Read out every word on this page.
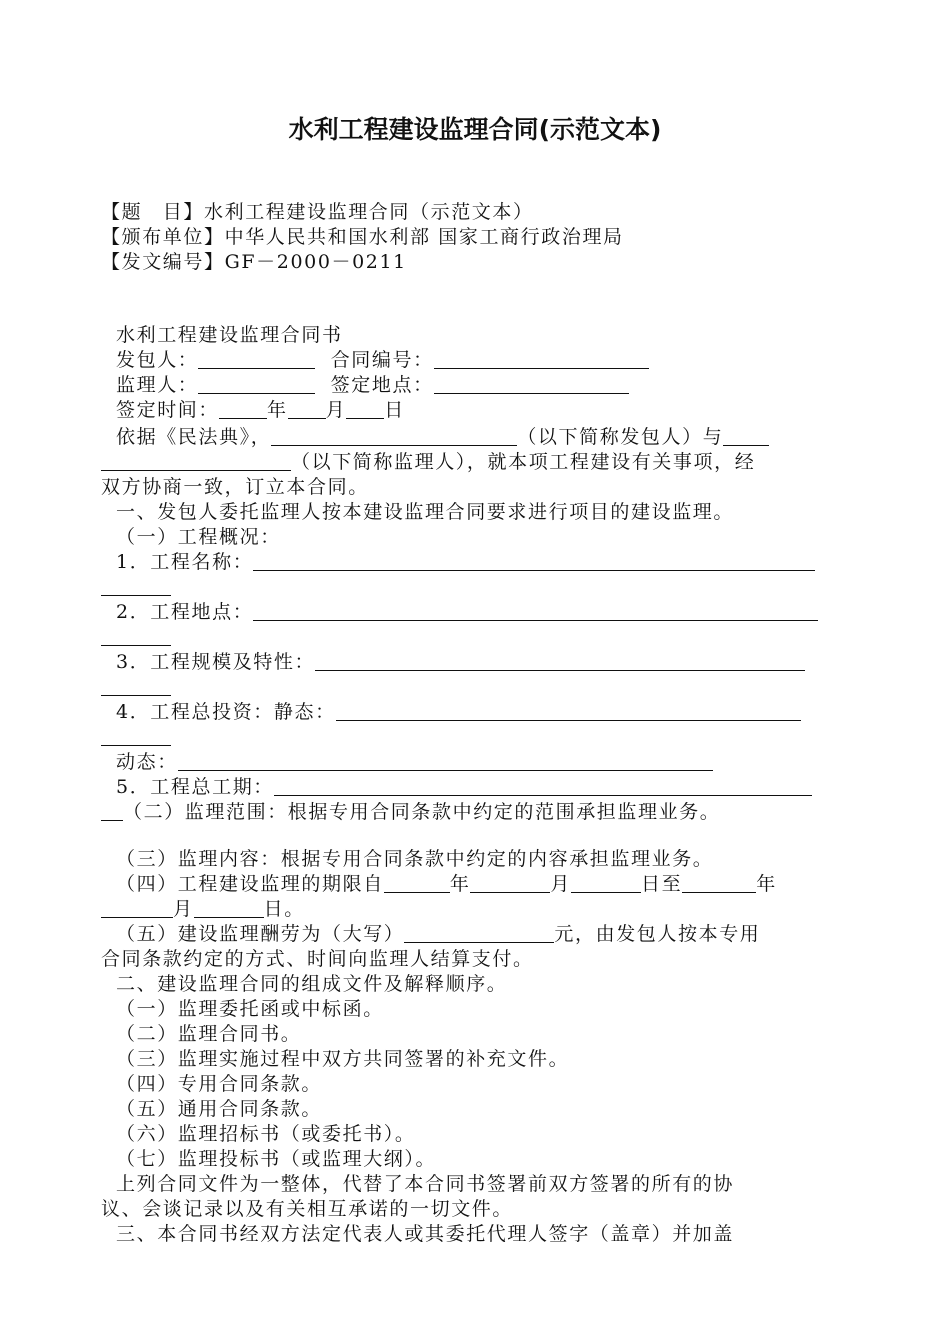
水利工程建设监理合同(示范文本)
【题　目】水利工程建设监理合同（示范文本）
【颁布单位】中华人民共和国水利部 国家工商行政治理局
【发文编号】GF－2000－0211
水利工程建设监理合同书
发包人：	合同编号：
监理人：	签定地点：
签定时间：	年 月 日
依据《民法典》，	（以下简称发包人）与
（以下简称监理人），就本项工程建设有关事项，经
双方协商一致，订立本合同。
一、发包人委托监理人按本建设监理合同要求进行项目的建设监理。
（一）工程概况：
1．工程名称：
2．工程地点：
3．工程规模及特性：
4．工程总投资：静态：
动态：
5．工程总工期：
（二）监理范围：根据专用合同条款中约定的范围承担监理业务。
（三）监理内容：根据专用合同条款中约定的内容承担监理业务。
（四）工程建设监理的期限自	年	月	日至	年
月	日。
（五）建设监理酬劳为（大写）	元，由发包人按本专用
合同条款约定的方式、时间向监理人结算支付。
二、建设监理合同的组成文件及解释顺序。
（一）监理委托函或中标函。
（二）监理合同书。
（三）监理实施过程中双方共同签署的补充文件。
（四）专用合同条款。
（五）通用合同条款。
（六）监理招标书（或委托书）。
（七）监理投标书（或监理大纲）。
上列合同文件为一整体，代替了本合同书签署前双方签署的所有的协
议、会谈记录以及有关相互承诺的一切文件。
三、本合同书经双方法定代表人或其委托代理人签字（盖章）并加盖
